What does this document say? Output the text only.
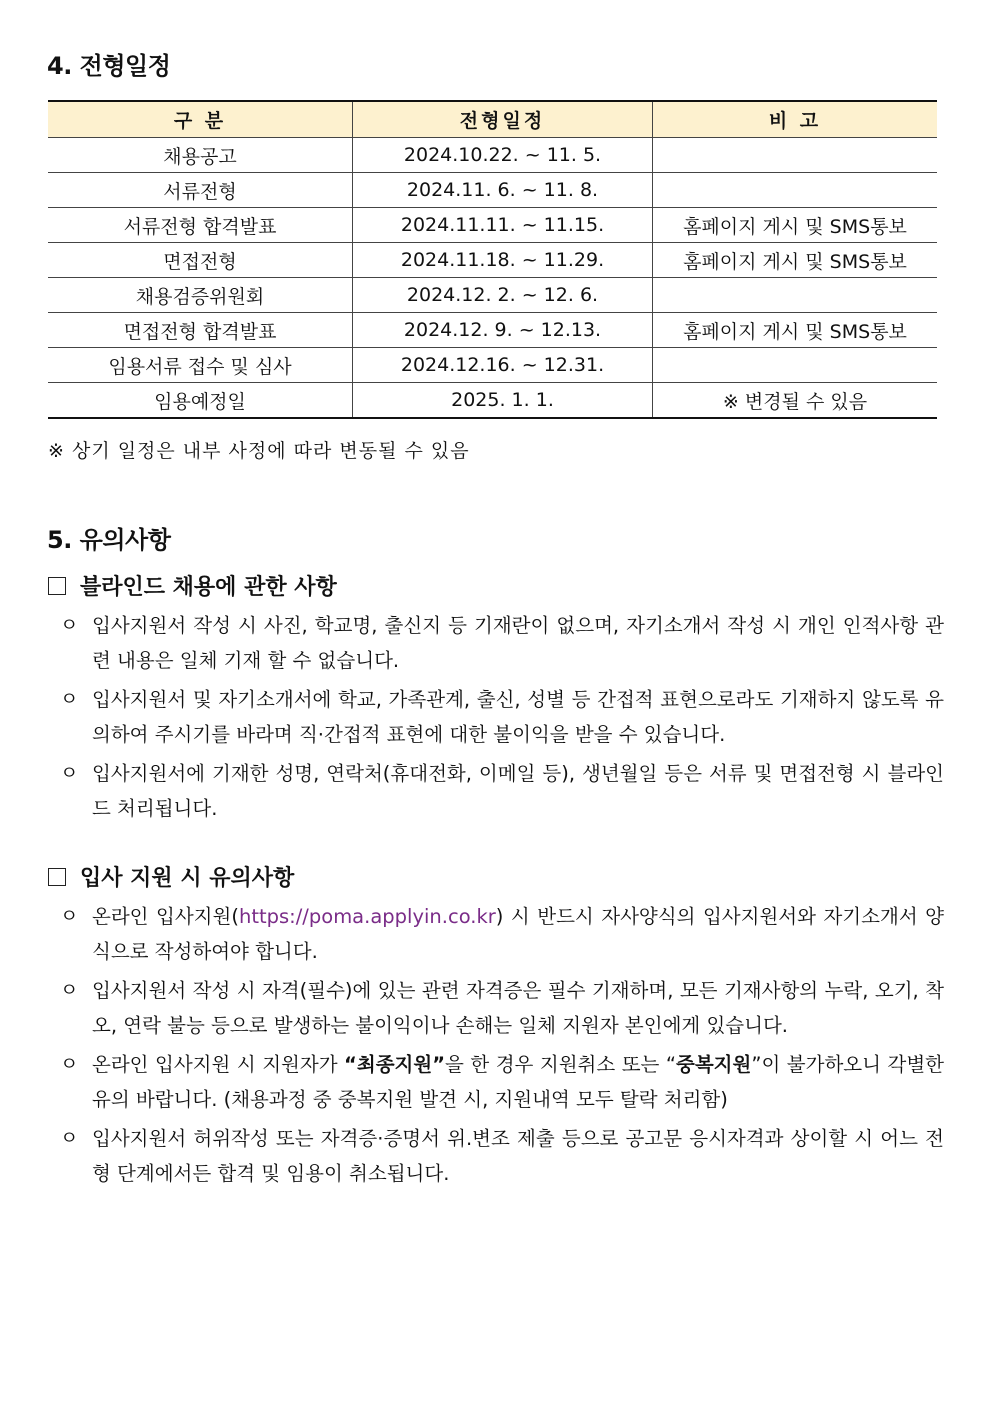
4. 전형일정
구 분	전형일정	비 고
채용공고	2024.10.22. ~ 11. 5.	
서류전형	2024.11. 6. ~ 11. 8.	
서류전형 합격발표	2024.11.11. ~ 11.15.	홈페이지 게시 및 SMS통보
면접전형	2024.11.18. ~ 11.29.	홈페이지 게시 및 SMS통보
채용검증위원회	2024.12. 2. ~ 12. 6.	
면접전형 합격발표	2024.12. 9. ~ 12.13.	홈페이지 게시 및 SMS통보
임용서류 접수 및 심사	2024.12.16. ~ 12.31.	
임용예정일	2025. 1. 1.	※ 변경될 수 있음

※ 상기 일정은 내부 사정에 따라 변동될 수 있음

5. 유의사항
블라인드 채용에 관한 사항
ㅇ 입사지원서 작성 시 사진, 학교명, 출신지 등 기재란이 없으며, 자기소개서 작성 시 개인 인적사항 관련 내용은 일체 기재 할 수 없습니다.
ㅇ 입사지원서 및 자기소개서에 학교, 가족관계, 출신, 성별 등 간접적 표현으로라도 기재하지 않도록 유의하여 주시기를 바라며 직·간접적 표현에 대한 불이익을 받을 수 있습니다.
ㅇ 입사지원서에 기재한 성명, 연락처(휴대전화, 이메일 등), 생년월일 등은 서류 및 면접전형 시 블라인드 처리됩니다.
입사 지원 시 유의사항
ㅇ 온라인 입사지원(https://poma.applyin.co.kr) 시 반드시 자사양식의 입사지원서와 자기소개서 양식으로 작성하여야 합니다.
ㅇ 입사지원서 작성 시 자격(필수)에 있는 관련 자격증은 필수 기재하며, 모든 기재사항의 누락, 오기, 착오, 연락 불능 등으로 발생하는 불이익이나 손해는 일체 지원자 본인에게 있습니다.
ㅇ 온라인 입사지원 시 지원자가 “최종지원”을 한 경우 지원취소 또는 “중복지원”이 불가하오니 각별한 유의 바랍니다. (채용과정 중 중복지원 발견 시, 지원내역 모두 탈락 처리함)
ㅇ 입사지원서 허위작성 또는 자격증·증명서 위.변조 제출 등으로 공고문 응시자격과 상이할 시 어느 전형 단계에서든 합격 및 임용이 취소됩니다.
